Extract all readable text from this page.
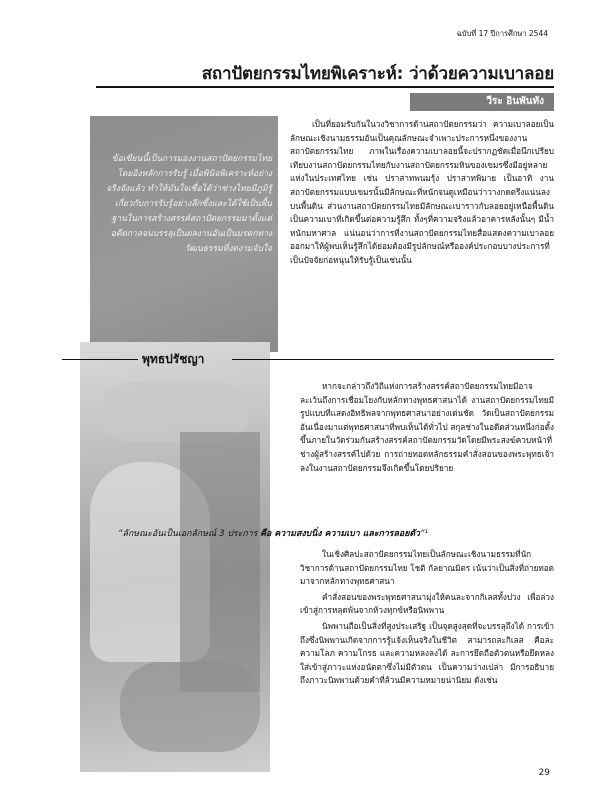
ฉบับที่ 17 ปีการศึกษา 2544
สถาปัตยกรรมไทยพิเคราะห์: ว่าด้วยความเบาลอย
วีระ อินพันทัง
ข้อเขียนนี้เป็นการมองงานสถาปัตยกรรมไทยโดยอิงหลักการรับรู้ เมื่อพินิจพิเคราะห์อย่างจริงจังแล้ว ทำให้มั่นใจเชื่อได้ว่าช่างไทยมีภูมิรู้เกี่ยวกับการรับรู้อย่างลึกซึ้งและได้ใช้เป็นพื้นฐานในการสร้างสรรค์สถาปัตยกรรมมาตั้งแต่อดีตกาลจนบรรลุเป็นผลงานอันเป็นมรดกทางวัฒนธรรมที่งดงามจับใจ

เป็นที่ยอมรับกันในวงวิชาการด้านสถาปัตยกรรมว่า ความเบาลอยเป็นลักษณะเชิงนามธรรมอันเป็นคุณลักษณะจำเพาะประการหนึ่งของงานสถาปัตยกรรมไทย ภาพในเรื่องความเบาลอยนี้จะปรากฏชัดเมื่อนึกเปรียบเทียบงานสถาปัตยกรรมไทยกับงานสถาปัตยกรรมหินของเขมรซึ่งมีอยู่หลายแห่งในประเทศไทย เช่น ปราสาทพนมรุ้ง ปราสาทพิมาย เป็นอาทิ งานสถาปัตยกรรมแบบเขมรนั้นมีลักษณะที่หนักจนดูเหมือนว่าวางกดตรึงแน่นลงบนพื้นดิน ส่วนงานสถาปัตยกรรมไทยมีลักษณะเบาราวกับลอยอยู่เหนือพื้นดิน เป็นความเบาที่เกิดขึ้นต่อความรู้สึก ทั้งๆที่ความจริงแล้วอาคารหลังนั้นๆ มีน้ำหนักมหาศาล แน่นอนว่าการที่งานสถาปัตยกรรมไทยสื่อแสดงความเบาลอยออกมาให้ผู้พบเห็นรู้สึกได้ย่อมต้องมีรูปลักษณ์หรือองค์ประกอบบางประการที่เป็นปัจจัยก่อหนุนให้รับรู้เป็นเช่นนั้น

พุทธปรัชญา

หากจะกล่าวถึงวิถีแห่งการสร้างสรรค์สถาปัตยกรรมไทยมีอาจละเว้นถึงการเชื่อมโยงกับหลักทางพุทธศาสนาได้ งานสถาปัตยกรรมไทยมีรูปแบบที่แสดงอิทธิพลจากพุทธศาสนาอย่างเด่นชัด วัดเป็นสถาปัตยกรรมอันเนื่องมาแต่พุทธศาสนาที่พบเห็นได้ทั่วไป สกุลช่างในอดีตส่วนหนึ่งก่อตั้งขึ้นภายในวัดร่วมกันสร้างสรรค์สถาปัตยกรรมวัดโดยมีพระสงฆ์ควบหน้าที่ช่างผู้สร้างสรรค์ไปด้วย การถ่ายทอดหลักธรรมคำสั่งสอนของพระพุทธเจ้าลงในงานสถาปัตยกรรมจึงเกิดขึ้นโดยปริยาย

“ลักษณะอันเป็นเอกลักษณ์ 3 ประการ คือ ความสงบนิ่ง ความเบา และการลอยตัว”¹

ในเชิงศิลปะสถาปัตยกรรมไทยเป็นลักษณะเชิงนามธรรมที่นักวิชาการด้านสถาปัตยกรรมไทย โชติ กัลยาณมิตร เน้นว่าเป็นสิ่งที่ถ่ายทอดมาจากหลักทางพุทธศาสนา

คำสั่งสอนของพระพุทธศาสนามุ่งให้คนละจากกิเลสทั้งปวง เพื่อล่วงเข้าสู่การหลุดพ้นจากห้วงทุกข์หรือนิพพาน

นิพพานถือเป็นสิ่งที่สูงประเสริฐ เป็นจุดสูงสุดที่จะบรรลุถึงได้ การเข้าถึงซึ่งนิพพานเกิดจากการรู้แจ้งเห็นจริงในชีวิต สามารถละกิเลส คือละความโลภ ความโกรธ และความหลงลงได้ ละการยึดถือตัวตนหรือยึดหลงใส่เข้าสู่ภาวะแห่งอนัตตาซึ่งไม่มีตัวตน เป็นความว่างเปล่า มีการอธิบายถึงภาวะนิพพานด้วยคำที่ล้วนมีความหมายน่านิยม ดังเช่น

29
